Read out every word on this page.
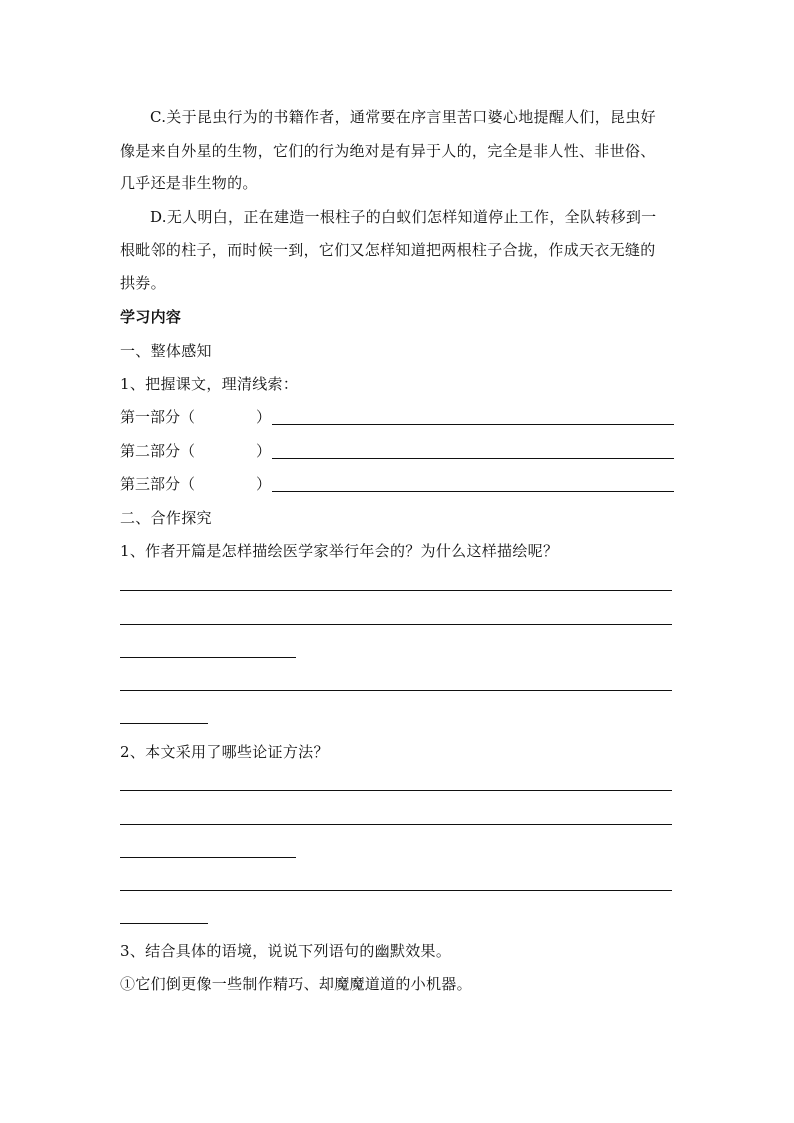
C.关于昆虫行为的书籍作者，通常要在序言里苦口婆心地提醒人们，昆虫好
像是来自外星的生物，它们的行为绝对是有异于人的，完全是非人性、非世俗、
几乎还是非生物的。
D.无人明白，正在建造一根柱子的白蚁们怎样知道停止工作，全队转移到一
根毗邻的柱子，而时候一到，它们又怎样知道把两根柱子合拢，作成天衣无缝的
拱券。
学习内容
一、整体感知
1、把握课文，理清线索：
第一部分（	）
第二部分（	）
第三部分（	）
二、合作探究
1、作者开篇是怎样描绘医学家举行年会的？为什么这样描绘呢？
2、本文采用了哪些论证方法？
3、结合具体的语境，说说下列语句的幽默效果。
①它们倒更像一些制作精巧、却魔魔道道的小机器。
